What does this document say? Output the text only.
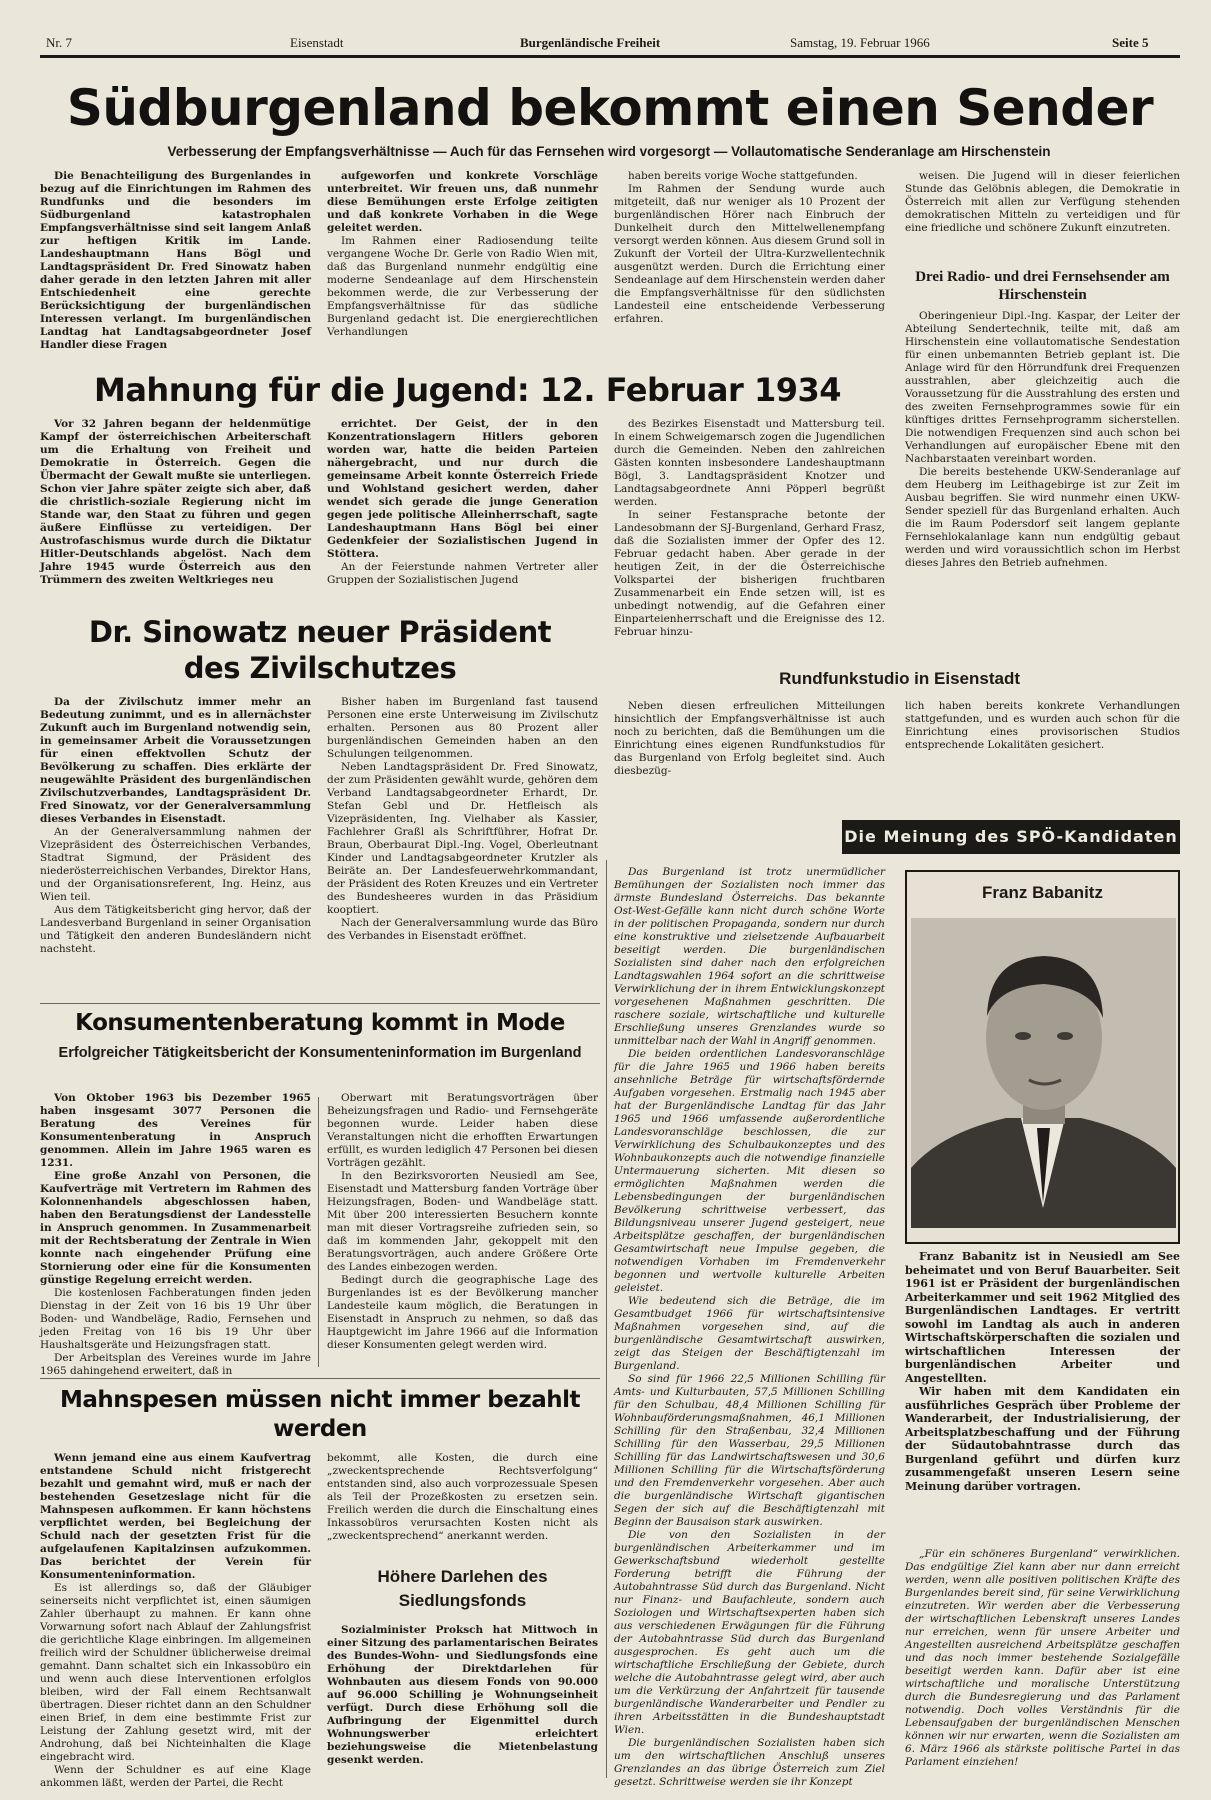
Nr. 7	Eisenstadt	Burgenländische Freiheit	Samstag, 19. Februar 1966	Seite 5
Südburgenland bekommt einen Sender
Verbesserung der Empfangsverhältnisse — Auch für das Fernsehen wird vorgesorgt — Vollautomatische Senderanlage am Hirschenstein
Die Benachteiligung des Burgenlandes in bezug auf die Einrichtungen im Rahmen des Rundfunks und die besonders im Südburgenland katastrophalen Empfangsverhältnisse sind seit langem Anlaß zur heftigen Kritik im Lande. Landeshauptmann Hans Bögl und Landtagspräsident Dr. Fred Sinowatz haben daher gerade in den letzten Jahren mit aller Entschiedenheit eine gerechte Berücksichtigung der burgenländischen Interessen verlangt. Im burgenländischen Landtag hat Landtagsabgeordneter Josef Handler diese Fragen
aufgeworfen und konkrete Vorschläge unterbreitet. Wir freuen uns, daß nunmehr diese Bemühungen erste Erfolge zeitigten und daß konkrete Vorhaben in die Wege geleitet werden.
Im Rahmen einer Radiosendung teilte vergangene Woche Dr. Gerle von Radio Wien mit, daß das Burgenland nunmehr endgültig eine moderne Sendeanlage auf dem Hirschenstein bekommen werde, die zur Verbesserung der Empfangsverhältnisse für das südliche Burgenland gedacht ist. Die energierechtlichen Verhandlungen
haben bereits vorige Woche stattgefunden.
Im Rahmen der Sendung wurde auch mitgeteilt, daß nur weniger als 10 Prozent der burgenländischen Hörer nach Einbruch der Dunkelheit durch den Mittelwellenempfang versorgt werden können. Aus diesem Grund soll in Zukunft der Vorteil der Ultra-Kurzwellentechnik ausgenützt werden. Durch die Errichtung einer Sendeanlage auf dem Hirschenstein werden daher die Empfangsverhältnisse für den südlichsten Landesteil eine entscheidende Verbesserung erfahren.
weisen. Die Jugend will in dieser feierlichen Stunde das Gelöbnis ablegen, die Demokratie in Österreich mit allen zur Verfügung stehenden demokratischen Mitteln zu verteidigen und für eine friedliche und schönere Zukunft einzutreten.
Drei Radio- und drei Fernsehsender am Hirschenstein
Oberingenieur Dipl.-Ing. Kaspar, der Leiter der Abteilung Sendertechnik, teilte mit, daß am Hirschenstein eine vollautomatische Sendestation für einen unbemannten Betrieb geplant ist. Die Anlage wird für den Hörrundfunk drei Frequenzen ausstrahlen, aber gleichzeitig auch die Voraussetzung für die Ausstrahlung des ersten und des zweiten Fernsehprogrammes sowie für ein künftiges drittes Fernsehprogramm sicherstellen. Die notwendigen Frequenzen sind auch schon bei Verhandlungen auf europäischer Ebene mit den Nachbarstaaten vereinbart worden.
Die bereits bestehende UKW-Senderanlage auf dem Heuberg im Leithagebirge ist zur Zeit im Ausbau begriffen. Sie wird nunmehr einen UKW-Sender speziell für das Burgenland erhalten. Auch die im Raum Podersdorf seit langem geplante Fernsehlokalanlage kann nun endgültig gebaut werden und wird voraussichtlich schon im Herbst dieses Jahres den Betrieb aufnehmen.
Mahnung für die Jugend: 12. Februar 1934
Vor 32 Jahren begann der heldenmütige Kampf der österreichischen Arbeiterschaft um die Erhaltung von Freiheit und Demokratie in Österreich. Gegen die Übermacht der Gewalt mußte sie unterliegen. Schon vier Jahre später zeigte sich aber, daß die christlich-soziale Regierung nicht im Stande war, den Staat zu führen und gegen äußere Einflüsse zu verteidigen. Der Austrofaschismus wurde durch die Diktatur Hitler-Deutschlands abgelöst. Nach dem Jahre 1945 wurde Österreich aus den Trümmern des zweiten Weltkrieges neu
errichtet. Der Geist, der in den Konzentrationslagern Hitlers geboren worden war, hatte die beiden Parteien nähergebracht, und nur durch die gemeinsame Arbeit konnte Österreich Friede und Wohlstand gesichert werden, daher wendet sich gerade die junge Generation gegen jede politische Alleinherrschaft, sagte Landeshauptmann Hans Bögl bei einer Gedenkfeier der Sozialistischen Jugend in Stöttera.
An der Feierstunde nahmen Vertreter aller Gruppen der Sozialistischen Jugend
des Bezirkes Eisenstadt und Mattersburg teil. In einem Schweigemarsch zogen die Jugendlichen durch die Gemeinden. Neben den zahlreichen Gästen konnten insbesondere Landeshauptmann Bögl, 3. Landtagspräsident Knotzer und Landtagsabgeordnete Anni Pöpperl begrüßt werden.
In seiner Festansprache betonte der Landesobmann der SJ-Burgenland, Gerhard Frasz, daß die Sozialisten immer der Opfer des 12. Februar gedacht haben. Aber gerade in der heutigen Zeit, in der die Österreichische Volkspartei der bisherigen fruchtbaren Zusammenarbeit ein Ende setzen will, ist es unbedingt notwendig, auf die Gefahren einer Einparteienherrschaft und die Ereignisse des 12. Februar hinzu-
Dr. Sinowatz neuer Präsident
des Zivilschutzes
Da der Zivilschutz immer mehr an Bedeutung zunimmt, und es in allernächster Zukunft auch im Burgenland notwendig sein, in gemeinsamer Arbeit die Voraussetzungen für einen effektvollen Schutz der Bevölkerung zu schaffen. Dies erklärte der neugewählte Präsident des burgenländischen Zivilschutzverbandes, Landtagspräsident Dr. Fred Sinowatz, vor der Generalversammlung dieses Verbandes in Eisenstadt.
An der Generalversammlung nahmen der Vizepräsident des Österreichischen Verbandes, Stadtrat Sigmund, der Präsident des niederösterreichischen Verbandes, Direktor Hans, und der Organisationsreferent, Ing. Heinz, aus Wien teil.
Aus dem Tätigkeitsbericht ging hervor, daß der Landesverband Burgenland in seiner Organisation und Tätigkeit den anderen Bundesländern nicht nachsteht.
Bisher haben im Burgenland fast tausend Personen eine erste Unterweisung im Zivilschutz erhalten. Personen aus 80 Prozent aller burgenländischen Gemeinden haben an den Schulungen teilgenommen.
Neben Landtagspräsident Dr. Fred Sinowatz, der zum Präsidenten gewählt wurde, gehören dem Verband Landtagsabgeordneter Erhardt, Dr. Stefan Gebl und Dr. Hetfleisch als Vizepräsidenten, Ing. Vielhaber als Kassier, Fachlehrer Graßl als Schriftführer, Hofrat Dr. Braun, Oberbaurat Dipl.-Ing. Vogel, Oberleutnant Kinder und Landtagsabgeordneter Krutzler als Beiräte an. Der Landesfeuerwehrkommandant, der Präsident des Roten Kreuzes und ein Vertreter des Bundesheeres wurden in das Präsidium kooptiert.
Nach der Generalversammlung wurde das Büro des Verbandes in Eisenstadt eröffnet.
Rundfunkstudio in Eisenstadt
Neben diesen erfreulichen Mitteilungen hinsichtlich der Empfangsverhältnisse ist auch noch zu berichten, daß die Bemühungen um die Einrichtung eines eigenen Rundfunkstudios für das Burgenland von Erfolg begleitet sind. Auch diesbezüg-
lich haben bereits konkrete Verhandlungen stattgefunden, und es wurden auch schon für die Einrichtung eines provisorischen Studios entsprechende Lokalitäten gesichert.
Die Meinung des SPÖ-Kandidaten
Konsumentenberatung kommt in Mode
Erfolgreicher Tätigkeitsbericht der Konsumenteninformation im Burgenland
Von Oktober 1963 bis Dezember 1965 haben insgesamt 3077 Personen die Beratung des Vereines für Konsumentenberatung in Anspruch genommen. Allein im Jahre 1965 waren es 1231.
Eine große Anzahl von Personen, die Kaufverträge mit Vertretern im Rahmen des Kolonnenhandels abgeschlossen haben, haben den Beratungsdienst der Landesstelle in Anspruch genommen. In Zusammenarbeit mit der Rechtsberatung der Zentrale in Wien konnte nach eingehender Prüfung eine Stornierung oder eine für die Konsumenten günstige Regelung erreicht werden.
Die kostenlosen Fachberatungen finden jeden Dienstag in der Zeit von 16 bis 19 Uhr über Boden- und Wandbeläge, Radio, Fernsehen und jeden Freitag von 16 bis 19 Uhr über Haushaltsgeräte und Heizungsfragen statt.
Der Arbeitsplan des Vereines wurde im Jahre 1965 dahingehend erweitert, daß in
Oberwart mit Beratungsvorträgen über Beheizungsfragen und Radio- und Fernsehgeräte begonnen wurde. Leider haben diese Veranstaltungen nicht die erhofften Erwartungen erfüllt, es wurden lediglich 47 Personen bei diesen Vorträgen gezählt.
In den Bezirksvororten Neusiedl am See, Eisenstadt und Mattersburg fanden Vorträge über Heizungsfragen, Boden- und Wandbeläge statt. Mit über 200 interessierten Besuchern konnte man mit dieser Vortragsreihe zufrieden sein, so daß im kommenden Jahr, gekoppelt mit den Beratungsvorträgen, auch andere Größere Orte des Landes einbezogen werden.
Bedingt durch die geographische Lage des Burgenlandes ist es der Bevölkerung mancher Landesteile kaum möglich, die Beratungen in Eisenstadt in Anspruch zu nehmen, so daß das Hauptgewicht im Jahre 1966 auf die Information dieser Konsumenten gelegt werden wird.
Mahnspesen müssen nicht immer bezahlt
werden
Wenn jemand eine aus einem Kaufvertrag entstandene Schuld nicht fristgerecht bezahlt und gemahnt wird, muß er nach der bestehenden Gesetzeslage nicht für die Mahnspesen aufkommen. Er kann höchstens verpflichtet werden, bei Begleichung der Schuld nach der gesetzten Frist für die aufgelaufenen Kapitalzinsen aufzukommen. Das berichtet der Verein für Konsumenteninformation.
Es ist allerdings so, daß der Gläubiger seinerseits nicht verpflichtet ist, einen säumigen Zahler überhaupt zu mahnen. Er kann ohne Vorwarnung sofort nach Ablauf der Zahlungsfrist die gerichtliche Klage einbringen. Im allgemeinen freilich wird der Schuldner üblicherweise dreimal gemahnt. Dann schaltet sich ein Inkassobüro ein und wenn auch diese Interventionen erfolglos bleiben, wird der Fall einem Rechtsanwalt übertragen. Dieser richtet dann an den Schuldner einen Brief, in dem eine bestimmte Frist zur Leistung der Zahlung gesetzt wird, mit der Androhung, daß bei Nichteinhalten die Klage eingebracht wird.
Wenn der Schuldner es auf eine Klage ankommen läßt, werden der Partei, die Recht
bekommt, alle Kosten, die durch eine „zweckentsprechende Rechtsverfolgung“ entstanden sind, also auch vorprozessuale Spesen als Teil der Prozeßkosten zu ersetzen sein. Freilich werden die durch die Einschaltung eines Inkassobüros verursachten Kosten nicht als „zweckentsprechend“ anerkannt werden.
Höhere Darlehen des
Siedlungsfonds
Sozialminister Proksch hat Mittwoch in einer Sitzung des parlamentarischen Beirates des Bundes-Wohn- und Siedlungsfonds eine Erhöhung der Direktdarlehen für Wohnbauten aus diesem Fonds von 90.000 auf 96.000 Schilling je Wohnungseinheit verfügt. Durch diese Erhöhung soll die Aufbringung der Eigenmittel durch Wohnungswerber erleichtert beziehungsweise die Mietenbelastung gesenkt werden.
Das Burgenland ist trotz unermüdlicher Bemühungen der Sozialisten noch immer das ärmste Bundesland Österreichs. Das bekannte Ost-West-Gefälle kann nicht durch schöne Worte in der politischen Propaganda, sondern nur durch eine konstruktive und zielsetzende Aufbauarbeit beseitigt werden. Die burgenländischen Sozialisten sind daher nach den erfolgreichen Landtagswahlen 1964 sofort an die schrittweise Verwirklichung der in ihrem Entwicklungskonzept vorgesehenen Maßnahmen geschritten. Die raschere soziale, wirtschaftliche und kulturelle Erschließung unseres Grenzlandes wurde so unmittelbar nach der Wahl in Angriff genommen.
Die beiden ordentlichen Landesvoranschläge für die Jahre 1965 und 1966 haben bereits ansehnliche Beträge für wirtschaftsfördernde Aufgaben vorgesehen. Erstmalig nach 1945 aber hat der Burgenländische Landtag für das Jahr 1965 und 1966 umfassende außerordentliche Landesvoranschläge beschlossen, die zur Verwirklichung des Schulbaukonzeptes und des Wohnbaukonzepts auch die notwendige finanzielle Untermauerung sicherten. Mit diesen so ermöglichten Maßnahmen werden die Lebensbedingungen der burgenländischen Bevölkerung schrittweise verbessert, das Bildungsniveau unserer Jugend gesteigert, neue Arbeitsplätze geschaffen, der burgenländischen Gesamtwirtschaft neue Impulse gegeben, die notwendigen Vorhaben im Fremdenverkehr begonnen und wertvolle kulturelle Arbeiten geleistet.
Wie bedeutend sich die Beträge, die im Gesamtbudget 1966 für wirtschaftsintensive Maßnahmen vorgesehen sind, auf die burgenländische Gesamtwirtschaft auswirken, zeigt das Steigen der Beschäftigtenzahl im Burgenland.
So sind für 1966 22,5 Millionen Schilling für Amts- und Kulturbauten, 57,5 Millionen Schilling für den Schulbau, 48,4 Millionen Schilling für Wohnbauförderungsmaßnahmen, 46,1 Millionen Schilling für den Straßenbau, 32,4 Millionen Schilling für den Wasserbau, 29,5 Millionen Schilling für das Landwirtschaftswesen und 30,6 Millionen Schilling für die Wirtschaftsförderung und den Fremdenverkehr vorgesehen. Aber auch die burgenländische Wirtschaft gigantischen Segen der sich auf die Beschäftigtenzahl mit Beginn der Bausaison stark auswirken.
Die von den Sozialisten in der burgenländischen Arbeiterkammer und im Gewerkschaftsbund wiederholt gestellte Forderung betrifft die Führung der Autobahntrasse Süd durch das Burgenland. Nicht nur Finanz- und Baufachleute, sondern auch Soziologen und Wirtschaftsexperten haben sich aus verschiedenen Erwägungen für die Führung der Autobahntrasse Süd durch das Burgenland ausgesprochen. Es geht auch um die wirtschaftliche Erschließung der Gebiete, durch welche die Autobahntrasse gelegt wird, aber auch um die Verkürzung der Anfahrtzeit für tausende burgenländische Wanderarbeiter und Pendler zu ihren Arbeitsstätten in die Bundeshauptstadt Wien.
Die burgenländischen Sozialisten haben sich um den wirtschaftlichen Anschluß unseres Grenzlandes an das übrige Österreich zum Ziel gesetzt. Schrittweise werden sie ihr Konzept
Franz Babanitz
Franz Babanitz ist in Neusiedl am See beheimatet und von Beruf Bauarbeiter. Seit 1961 ist er Präsident der burgenländischen Arbeiterkammer und seit 1962 Mitglied des Burgenländischen Landtages. Er vertritt sowohl im Landtag als auch in anderen Wirtschaftskörperschaften die sozialen und wirtschaftlichen Interessen der burgenländischen Arbeiter und Angestellten.
Wir haben mit dem Kandidaten ein ausführliches Gespräch über Probleme der Wanderarbeit, der Industrialisierung, der Arbeitsplatzbeschaffung und der Führung der Südautobahntrasse durch das Burgenland geführt und dürfen kurz zusammengefaßt unseren Lesern seine Meinung darüber vortragen.
„Für ein schöneres Burgenland“ verwirklichen. Das endgültige Ziel kann aber nur dann erreicht werden, wenn alle positiven politischen Kräfte des Burgenlandes bereit sind, für seine Verwirklichung einzutreten. Wir werden aber die Verbesserung der wirtschaftlichen Lebenskraft unseres Landes nur erreichen, wenn für unsere Arbeiter und Angestellten ausreichend Arbeitsplätze geschaffen und das noch immer bestehende Sozialgefälle beseitigt werden kann. Dafür aber ist eine wirtschaftliche und moralische Unterstützung durch die Bundesregierung und das Parlament notwendig. Doch volles Verständnis für die Lebensaufgaben der burgenländischen Menschen können wir nur erwarten, wenn die Sozialisten am 6. März 1966 als stärkste politische Partei in das Parlament einziehen!
